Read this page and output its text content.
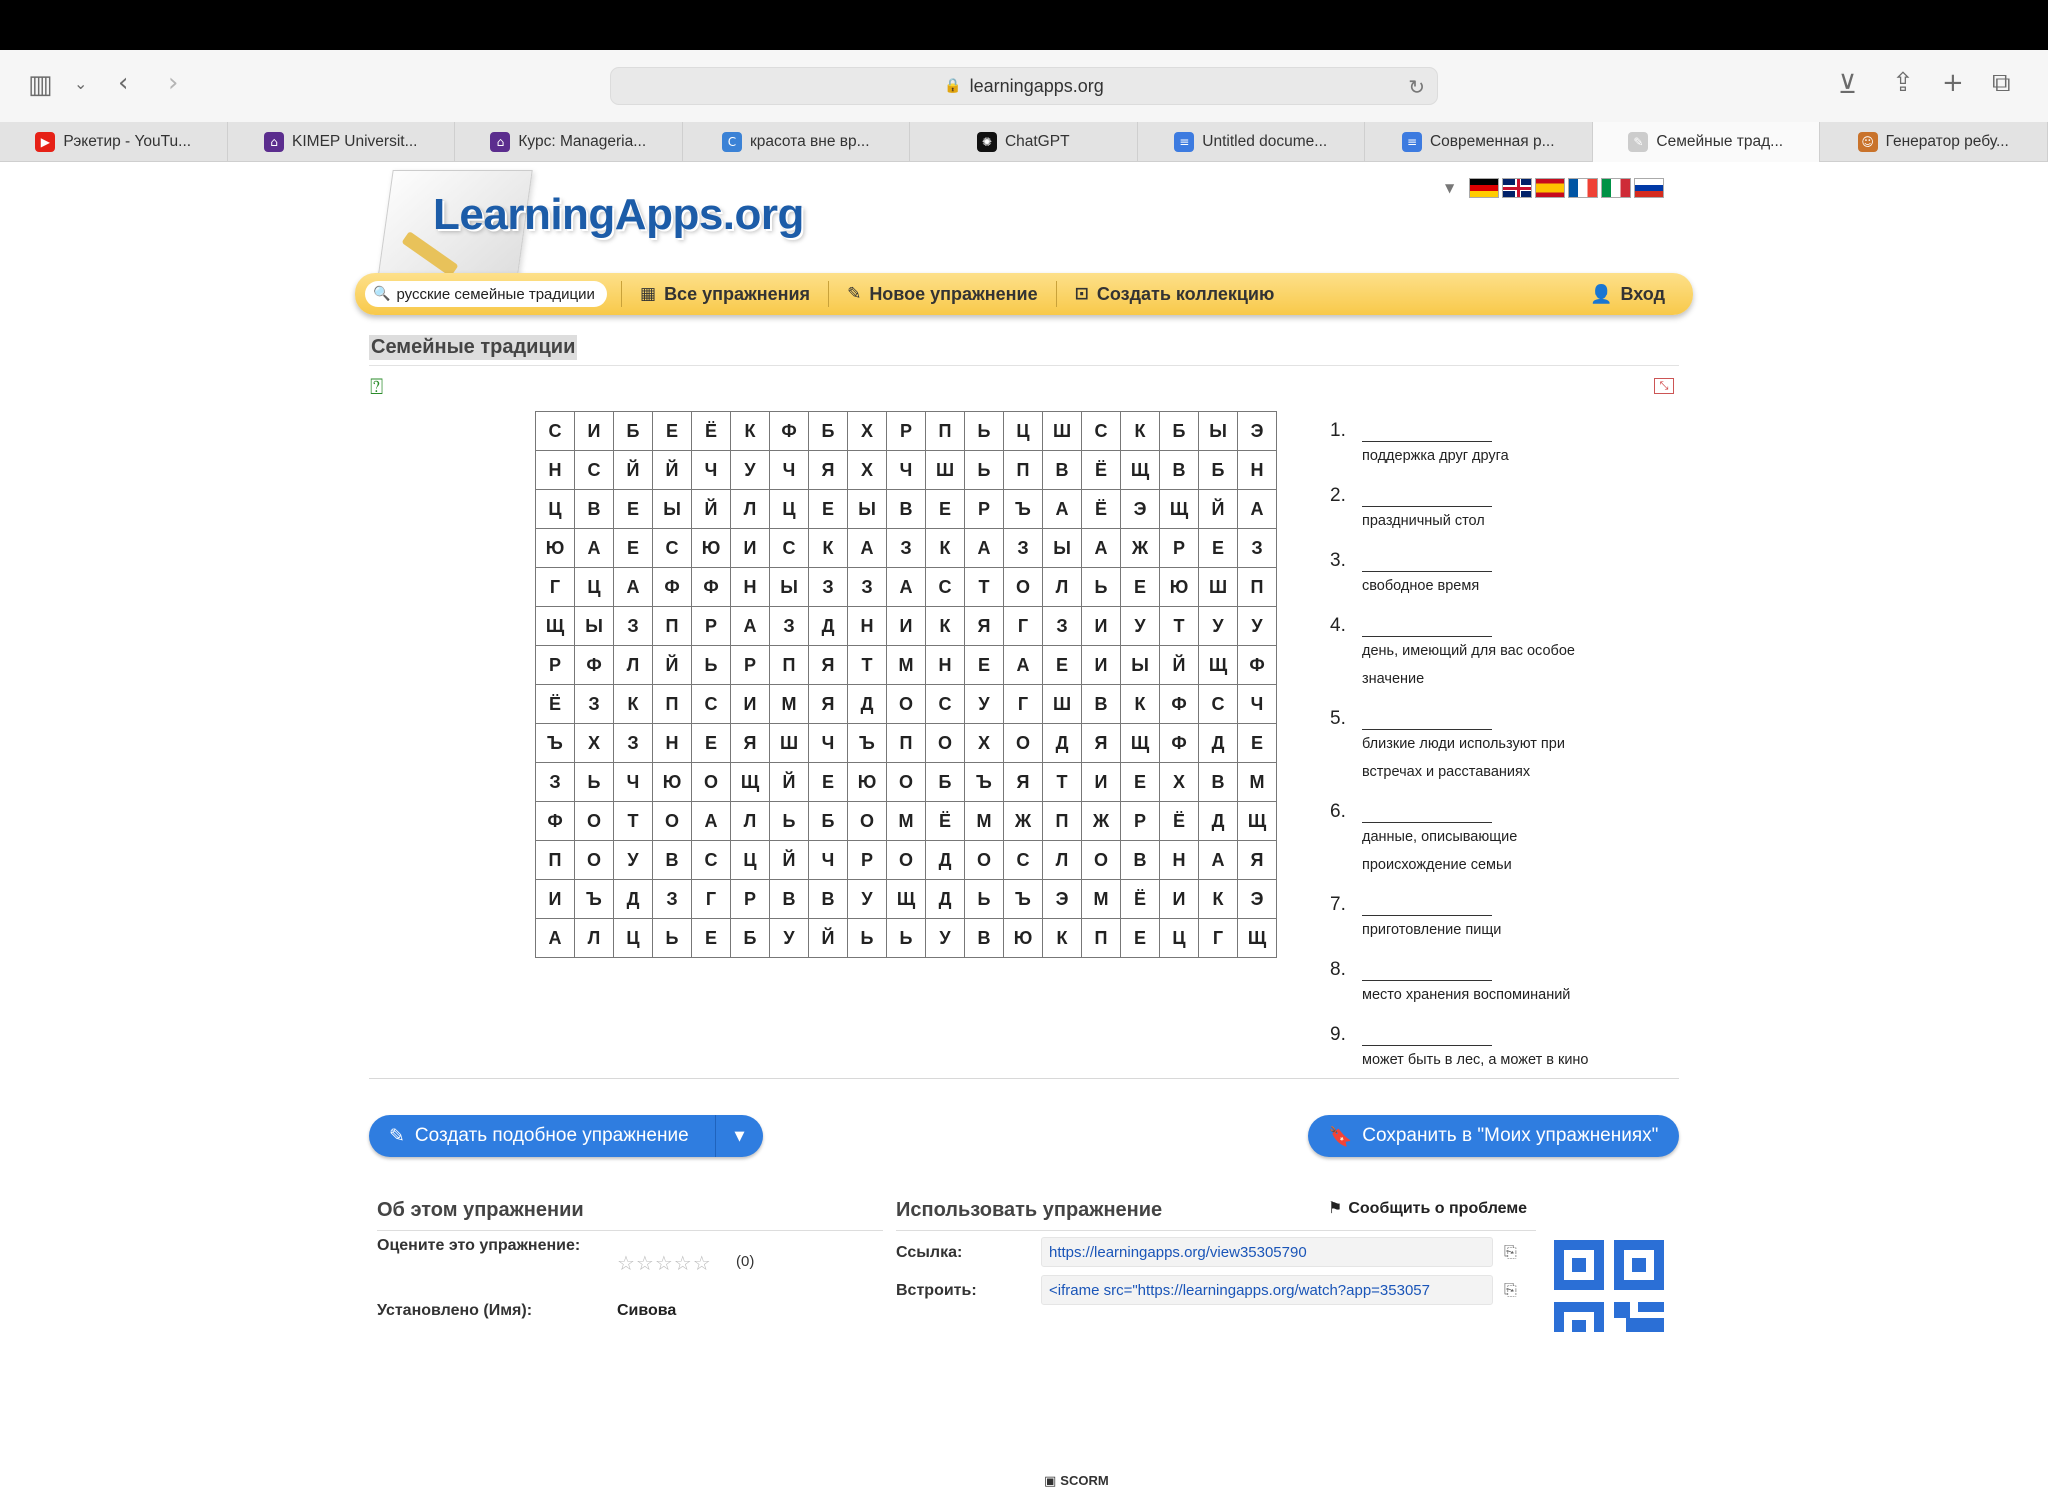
▥ ⌄ ‹ ›	🔒 learningapps.org	↻	⊻ ⇪ + ⧉
▶ Рэкетир - YouTu...	⌂ KIMEP Universit...	⌂ Курс: Manageria...	C красота вне вр...	✺ ChatGPT	≡ Untitled docume...	≡ Современная р...	✎ Семейные трад...	☺ Генератор ребу...
LearningApps.org
▼
🔍 русские семейные традиции	▦ Все упражнения ✎ Новое упражнение ⊡ Создать коллекцию	👤 Вход
Семейные традиции
⍰	⤡
С	И	Б	Е	Ё	К	Ф	Б	Х	Р	П	Ь	Ц	Ш	С	К	Б	Ы	Э
Н	С	Й	Й	Ч	У	Ч	Я	Х	Ч	Ш	Ь	П	В	Ё	Щ	В	Б	Н
Ц	В	Е	Ы	Й	Л	Ц	Е	Ы	В	Е	Р	Ъ	А	Ё	Э	Щ	Й	А
Ю	А	Е	С	Ю	И	С	К	А	З	К	А	З	Ы	А	Ж	Р	Е	З
Г	Ц	А	Ф	Ф	Н	Ы	З	З	А	С	Т	О	Л	Ь	Е	Ю	Ш	П
Щ	Ы	З	П	Р	А	З	Д	Н	И	К	Я	Г	З	И	У	Т	У	У
Р	Ф	Л	Й	Ь	Р	П	Я	Т	М	Н	Е	А	Е	И	Ы	Й	Щ	Ф
Ё	З	К	П	С	И	М	Я	Д	О	С	У	Г	Ш	В	К	Ф	С	Ч
Ъ	Х	З	Н	Е	Я	Ш	Ч	Ъ	П	О	Х	О	Д	Я	Щ	Ф	Д	Е
З	Ь	Ч	Ю	О	Щ	Й	Е	Ю	О	Б	Ъ	Я	Т	И	Е	Х	В	М
Ф	О	Т	О	А	Л	Ь	Б	О	М	Ё	М	Ж	П	Ж	Р	Ё	Д	Щ
П	О	У	В	С	Ц	Й	Ч	Р	О	Д	О	С	Л	О	В	Н	А	Я
И	Ъ	Д	З	Г	Р	В	В	У	Щ	Д	Ь	Ъ	Э	М	Ё	И	К	Э
А	Л	Ц	Ь	Е	Б	У	Й	Ь	Ь	У	В	Ю	К	П	Е	Ц	Г	Щ
1.
поддержка друг друга
2.
праздничный стол
3.
свободное время
4.
день, имеющий для вас особое значение
5.
близкие люди используют при встречах и расставаниях
6.
данные, описывающие происхождение семьи
7.
приготовление пищи
8.
место хранения воспоминаний
9.
может быть в лес, а может в кино
✎ Создать подобное упражнение	▼	🔖 Сохранить в "Моих упражнениях"
Об этом упражнении
Оцените это упражнение:
☆☆☆☆☆ (0)
Установлено (Имя):	Сивова
Использовать упражнение	⚑ Сообщить о проблеме
Ссылка:	https://learningapps.org/view35305790	⎘
Встроить:	<iframe src="https://learningapps.org/watch?app=353057	⎘
▣ SCORM
